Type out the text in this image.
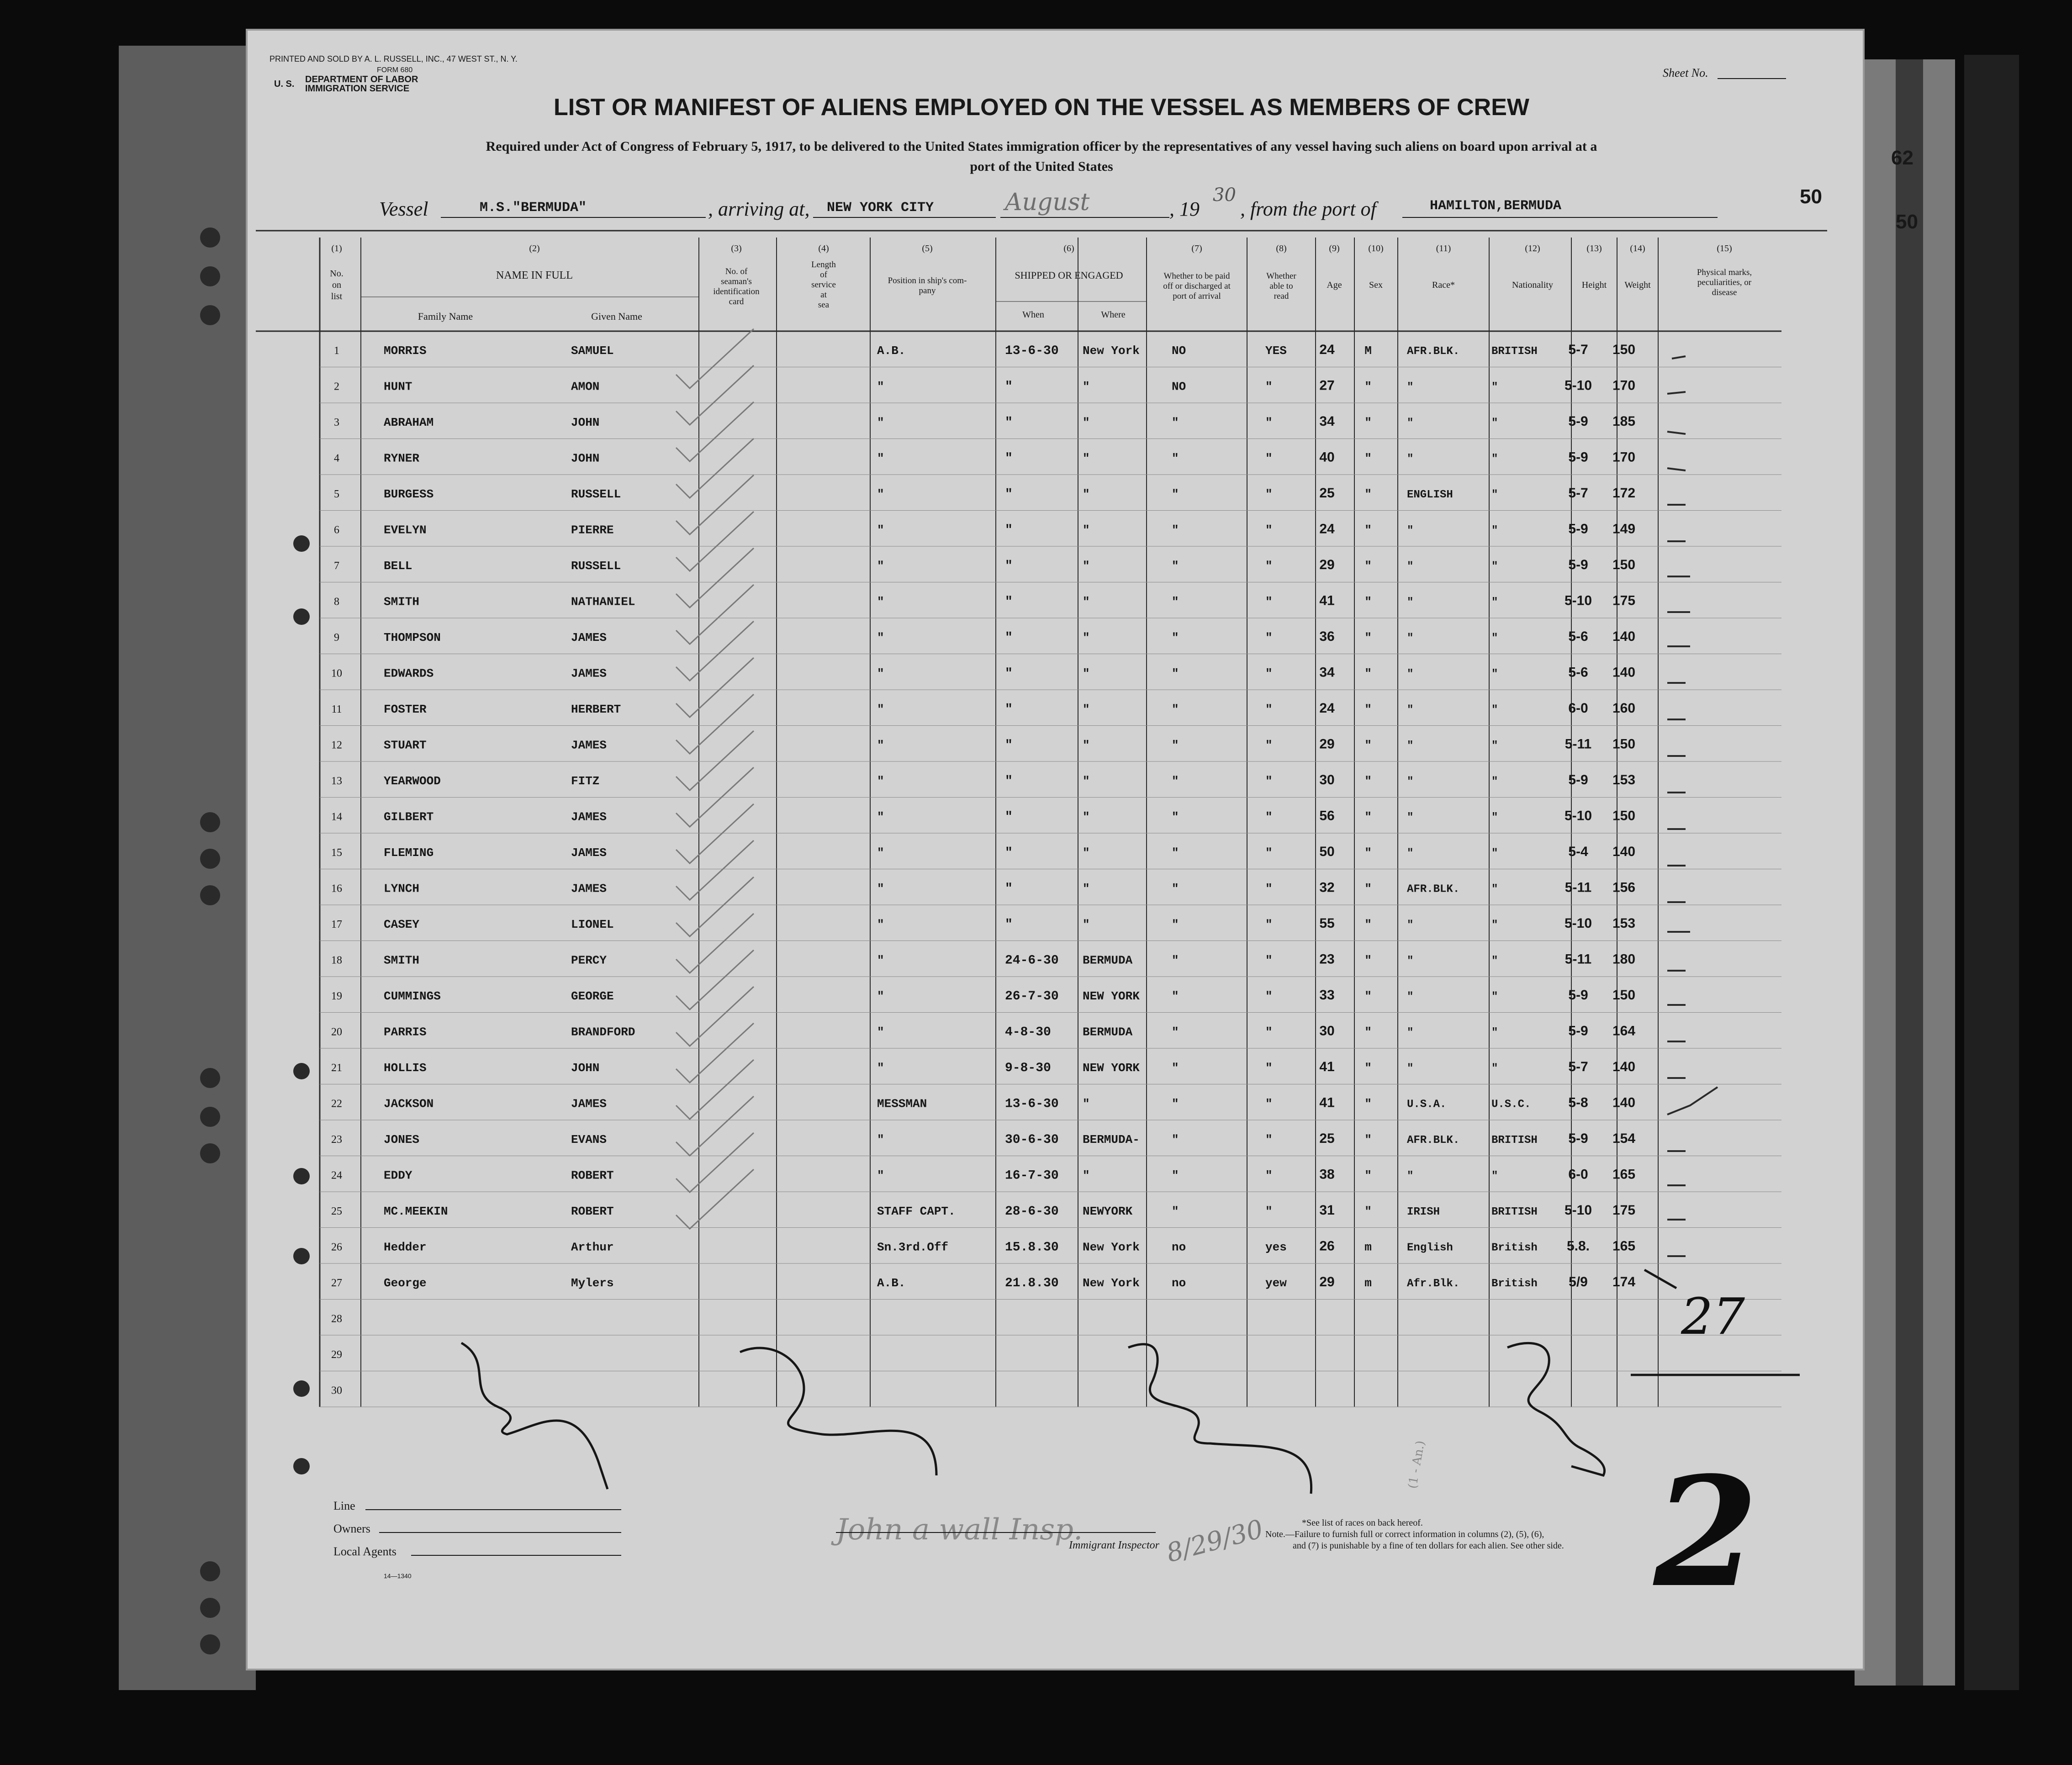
PRINTED AND SOLD BY A. L. RUSSELL, INC., 47 WEST ST., N. Y.
FORM 680
DEPARTMENT OF LABOR
IMMIGRATION SERVICE
U. S.
Sheet No.
62
50
LIST OR MANIFEST OF ALIENS EMPLOYED ON THE VESSEL AS MEMBERS OF CREW
Required under Act of Congress of February 5, 1917, to be delivered to the United States immigration officer by the representatives of any vessel having such aliens on board upon arrival at a
port of the United States
50
Vessel	M.S."BERMUDA"	, arriving at, NEW YORK CITY	August	, 19
30
, from the port of	HAMILTON,BERMUDA
(1)
No.
on
list
(2)
NAME IN FULL
Family Name	Given Name
(3)
No. of
seaman's
identification
card
(4)
Length
of
service
at
sea
(5)
Position in ship's com-
pany
(6)
SHIPPED OR ENGAGED
When	Where
(7)
Whether to be paid
off or discharged at
port of arrival
(8)
Whether
able to
read
(9)
Age
(10)
Sex
(11)
Race*
(12)
Nationality
(13)
Height
(14)
Weight
(15)
Physical marks,
peculiarities, or
disease
1	MORRIS	SAMUEL	A.B.	13-6-30 New York	NO	YES 24	M	AFR.BLK.	BRITISH 5-7 150
2	HUNT	AMON	"	"	"	NO	"	27	"	"	"	5-10 170
3	ABRAHAM	JOHN	"	"	"	"	"	34	"	"	"	5-9 185
4	RYNER	JOHN	"	"	"	"	"	40	"	"	"	5-9 170
5	BURGESS	RUSSELL	"	"	"	"	"	25	"	ENGLISH	"	5-7 172
6	EVELYN	PIERRE	"	"	"	"	"	24	"	"	"	5-9 149
7	BELL	RUSSELL	"	"	"	"	"	29	"	"	"	5-9 150
8	SMITH	NATHANIEL	"	"	"	"	"	41	"	"	"	5-10 175
9	THOMPSON	JAMES	"	"	"	"	"	36	"	"	"	5-6 140
10	EDWARDS	JAMES	"	"	"	"	"	34	"	"	"	5-6 140
11	FOSTER	HERBERT	"	"	"	"	"	24	"	"	"	6-0 160
12	STUART	JAMES	"	"	"	"	"	29	"	"	"	5-11 150
13	YEARWOOD	FITZ	"	"	"	"	"	30	"	"	"	5-9 153
14	GILBERT	JAMES	"	"	"	"	"	56	"	"	"	5-10 150
15	FLEMING	JAMES	"	"	"	"	"	50	"	"	"	5-4 140
16	LYNCH	JAMES	"	"	"	"	"	32	"	AFR.BLK.	"	5-11 156
17	CASEY	LIONEL	"	"	"	"	"	55	"	"	"	5-10 153
18	SMITH	PERCY	"	24-6-30 BERMUDA	"	"	23	"	"	"	5-11 180
19	CUMMINGS	GEORGE	"	26-7-30 NEW YORK	"	"	33	"	"	"	5-9 150
20	PARRIS	BRANDFORD	"	4-8-30	BERMUDA	"	"	30	"	"	"	5-9 164
21	HOLLIS	JOHN	"	9-8-30	NEW YORK	"	"	41	"	"	"	5-7 140
22	JACKSON	JAMES	MESSMAN	13-6-30 "	"	"	41	"	U.S.A.	U.S.C.	5-8 140
23	JONES	EVANS	"	30-6-30 BERMUDA-	"	"	25	"	AFR.BLK.	BRITISH 5-9 154
24	EDDY	ROBERT	"	16-7-30 "	"	"	38	"	"	"	6-0 165
25	MC.MEEKIN	ROBERT	STAFF CAPT.	28-6-30 NEWYORK	"	"	31	"	IRISH	BRITISH 5-10 175
26	Hedder	Arthur	Sn.3rd.Off	15.8.30 New York	no	yes 26	m	English	British 5.8. 165
27	George	Mylers	A.B.	21.8.30 New York	no	yew 29	m	Afr.Blk.	British 5/9 174
28
29
30
Line
Owners
Local Agents
14—1340
John a wall Insp.
Immigrant Inspector 8/29/30
(1 - An.)
*See list of races on back hereof.
Note.—Failure to furnish full or correct information in columns (2), (5), (6),
and (7) is punishable by a fine of ten dollars for each alien. See other side.
27
2
